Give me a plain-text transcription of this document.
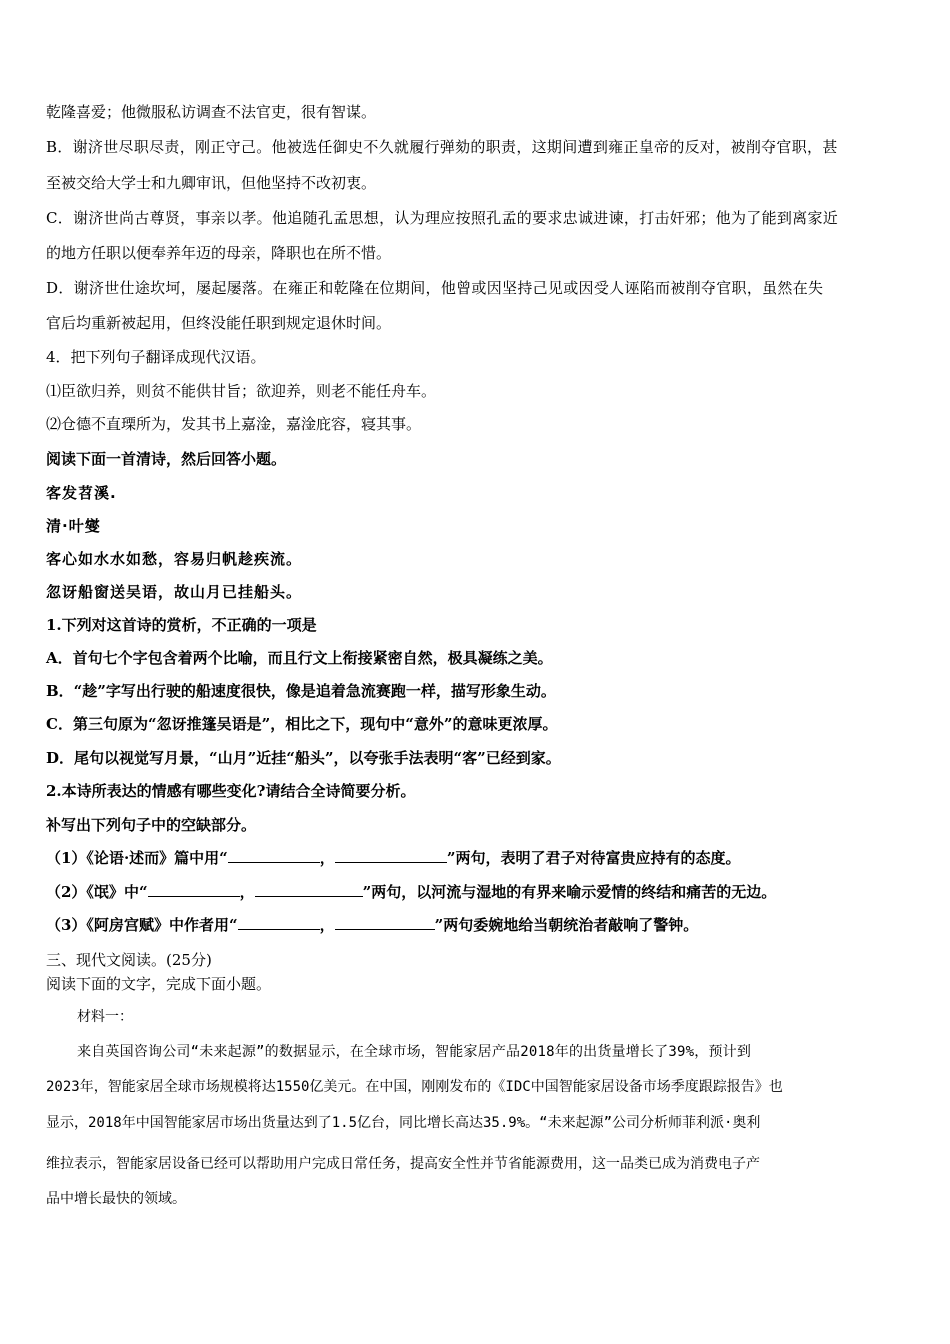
乾隆喜爱；他微服私访调查不法官吏，很有智谋。
B．谢济世尽职尽责，刚正守己。他被选任御史不久就履行弹劾的职责，这期间遭到雍正皇帝的反对，被削夺官职，甚
至被交给大学士和九卿审讯，但他坚持不改初衷。
C．谢济世尚古尊贤，事亲以孝。他追随孔孟思想，认为理应按照孔孟的要求忠诚进谏，打击奸邪；他为了能到离家近
的地方任职以便奉养年迈的母亲，降职也在所不惜。
D．谢济世仕途坎坷，屡起屡落。在雍正和乾隆在位期间，他曾或因坚持己见或因受人诬陷而被削夺官职，虽然在失
官后均重新被起用，但终没能任职到规定退休时间。
4．把下列句子翻译成现代汉语。
⑴臣欲归养，则贫不能供甘旨；欲迎养，则老不能任舟车。
⑵仓德不直瑮所为，发其书上嘉淦，嘉淦庇容，寝其事。
阅读下面一首清诗，然后回答小题。
客发苕溪.
清·叶燮
客心如水水如愁，容易归帆趁疾流。
忽讶船窗送吴语，故山月已挂船头。
1.下列对这首诗的赏析，不正确的一项是
A．首句七个字包含着两个比喻，而且行文上衔接紧密自然，极具凝练之美。
B．“趁”字写出行驶的船速度很快，像是追着急流赛跑一样，描写形象生动。
C．第三句原为“忽讶推篷吴语是”，相比之下，现句中“意外”的意味更浓厚。
D．尾句以视觉写月景，“山月”近挂“船头”，以夸张手法表明“客”已经到家。
2.本诗所表达的情感有哪些变化?请结合全诗简要分析。
补写出下列句子中的空缺部分。
（1）《论语·述而》篇中用“	，	”两句，表明了君子对待富贵应持有的态度。
（2）《氓》中“	，	”两句，以河流与湿地的有界来喻示爱情的终结和痛苦的无边。
（3）《阿房宫赋》中作者用“	，	”两句委婉地给当朝统治者敲响了警钟。
三、现代文阅读。(25分)
阅读下面的文字，完成下面小题。
材料一：
来自英国咨询公司“未来起源”的数据显示，在全球市场，智能家居产品2018年的出货量增长了39%，预计到
2023年，智能家居全球市场规模将达1550亿美元。在中国，刚刚发布的《IDC中国智能家居设备市场季度跟踪报告》也
显示，2018年中国智能家居市场出货量达到了1.5亿台，同比增长高达35.9%。“未来起源”公司分析师菲利派·奥利
维拉表示，智能家居设备已经可以帮助用户完成日常任务，提高安全性并节省能源费用，这一品类已成为消费电子产
品中增长最快的领域。
